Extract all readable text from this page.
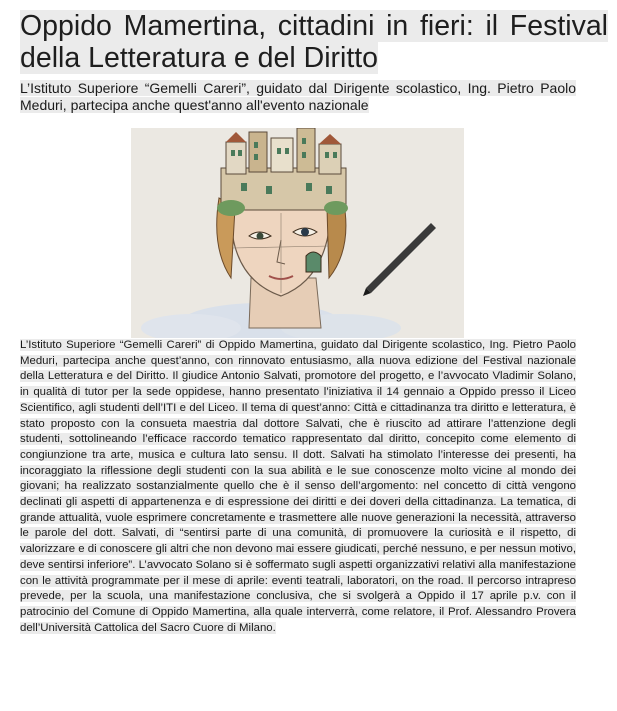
Oppido Mamertina, cittadini in fieri: il Festival della Letteratura e del Diritto

L’Istituto Superiore “Gemelli Careri”, guidato dal Dirigente scolastico, Ing. Pietro Paolo Meduri, partecipa anche quest'anno all'evento nazionale

L’Istituto Superiore “Gemelli Careri” di Oppido Mamertina, guidato dal Dirigente scolastico, Ing. Pietro Paolo Meduri, partecipa anche quest’anno, con rinnovato entusiasmo, alla nuova edizione del Festival nazionale della Letteratura e del Diritto. Il giudice Antonio Salvati, promotore del progetto, e l’avvocato Vladimir Solano, in qualità di tutor per la sede oppidese, hanno presentato l’iniziativa il 14 gennaio a Oppido presso il Liceo Scientifico, agli studenti dell’ITI e del Liceo. Il tema di quest’anno: Città e cittadinanza tra diritto e letteratura, è stato proposto con la consueta maestria dal dottore Salvati, che è riuscito ad attirare l’attenzione degli studenti, sottolineando l’efficace raccordo tematico rappresentato dal diritto, concepito come elemento di congiunzione tra arte, musica e cultura lato sensu. Il dott. Salvati ha stimolato l’interesse dei presenti, ha incoraggiato la riflessione degli studenti con la sua abilità e le sue conoscenze molto vicine al mondo dei giovani; ha realizzato sostanzialmente quello che è il senso dell’argomento: nel concetto di città vengono declinati gli aspetti di appartenenza e di espressione dei diritti e dei doveri della cittadinanza. La tematica, di grande attualità, vuole esprimere concretamente e trasmettere alle nuove generazioni la necessità, attraverso le parole del dott. Salvati, di “sentirsi parte di una comunità, di promuovere la curiosità e il rispetto, di valorizzare e di conoscere gli altri che non devono mai essere giudicati, perché nessuno, e per nessun motivo, deve sentirsi inferiore”. L’avvocato Solano si è soffermato sugli aspetti organizzativi relativi alla manifestazione con le attività programmate per il mese di aprile: eventi teatrali, laboratori, on the road. Il percorso intrapreso prevede, per la scuola, una manifestazione conclusiva, che si svolgerà a Oppido il 17 aprile p.v. con il patrocinio del Comune di Oppido Mamertina, alla quale interverrà, come relatore, il Prof. Alessandro Provera dell’Università Cattolica del Sacro Cuore di Milano.
